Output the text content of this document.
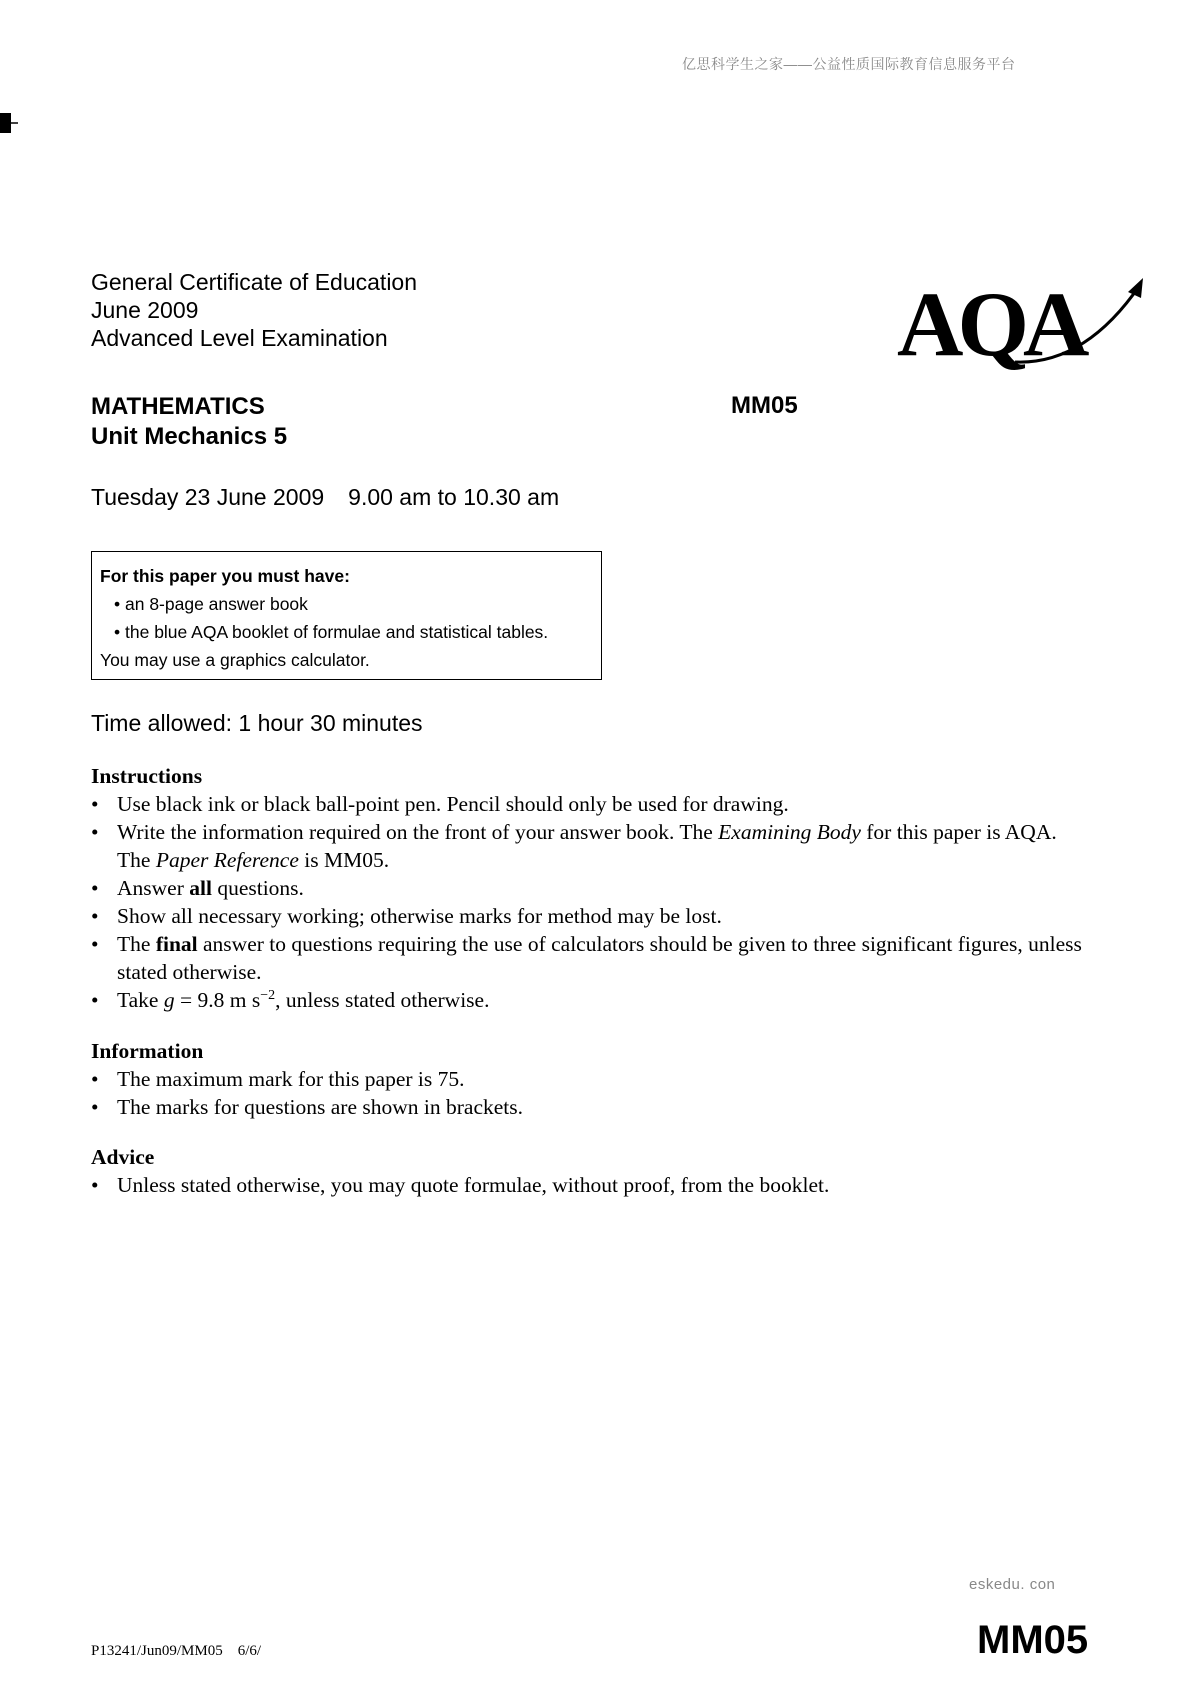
亿思科学生之家——公益性质国际教育信息服务平台
General Certificate of Education
June 2009
Advanced Level Examination	AQA
MATHEMATICS
Unit Mechanics 5
MM05
Tuesday 23 June 2009 9.00 am to 10.30 am
For this paper you must have:
• an 8-page answer book
• the blue AQA booklet of formulae and statistical tables.
You may use a graphics calculator.
Time allowed: 1 hour 30 minutes
Instructions
• Use black ink or black ball-point pen. Pencil should only be used for drawing.
• Write the information required on the front of your answer book. The Examining Body for this paper is AQA. The Paper Reference is MM05.
• Answer all questions.
• Show all necessary working; otherwise marks for method may be lost.
• The final answer to questions requiring the use of calculators should be given to three significant figures, unless stated otherwise.
• Take g = 9.8 m $s^{-2}$, unless stated otherwise.
Information
• The maximum mark for this paper is 75.
• The marks for questions are shown in brackets.
Advice
• Unless stated otherwise, you may quote formulae, without proof, from the booklet.
eskedu. con
P13241/Jun09/MM05    6/6/	MM05
